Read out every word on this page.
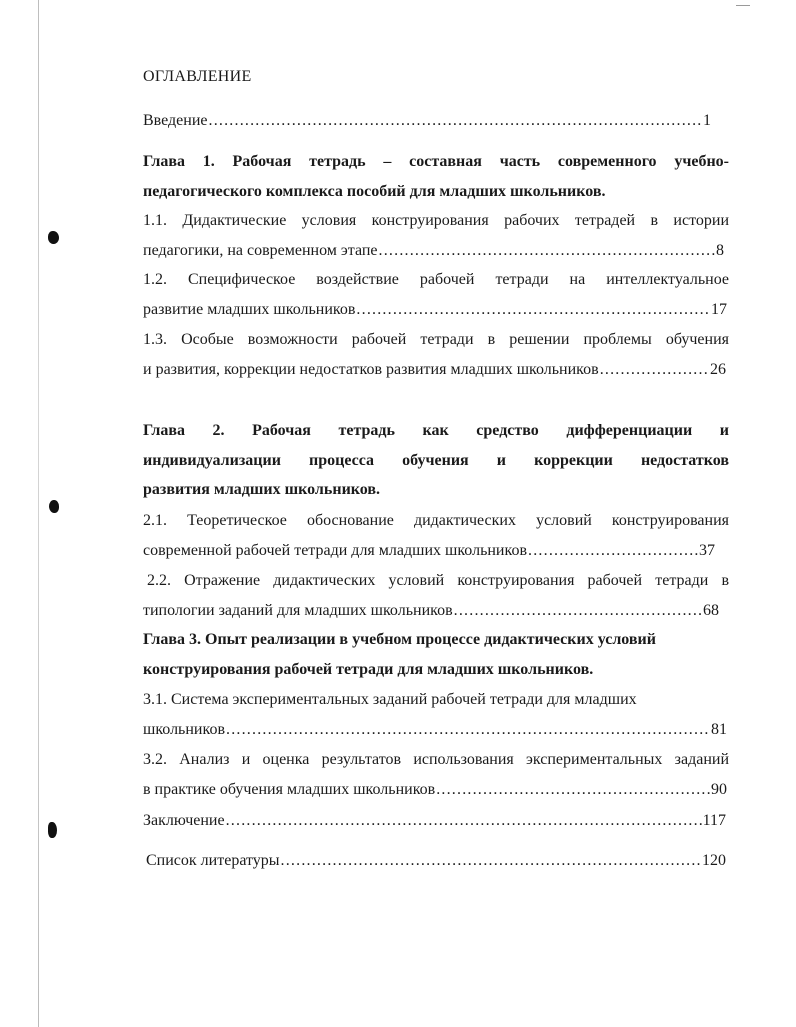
ОГЛАВЛЕНИЕ
Введение .....	1
Глава 1. Рабочая тетрадь – составная часть современного учебно-
педагогического комплекса пособий для младших школьников.
1.1. Дидактические условия конструирования рабочих тетрадей в истории
педагогики, на современном этапе .....	8
1.2. Специфическое воздействие рабочей тетради на интеллектуальное
развитие младших школьников .....	17
1.3. Особые возможности рабочей тетради в решении проблемы обучения
и развития, коррекции недостатков развития младших школьников .....	26
Глава 2. Рабочая тетрадь как средство дифференциации и
индивидуализации процесса обучения и коррекции недостатков
развития младших школьников.
2.1. Теоретическое обоснование дидактических условий конструирования
современной рабочей тетради для младших школьников .....	37
2.2. Отражение дидактических условий конструирования рабочей тетради в
типологии заданий для младших школьников .....	68
Глава 3. Опыт реализации в учебном процессе дидактических условий
конструирования рабочей тетради для младших школьников.
3.1. Система экспериментальных заданий рабочей тетради для младших
школьников .....	81
3.2. Анализ и оценка результатов использования экспериментальных заданий
в практике обучения младших школьников .....	90
Заключение .....	117
Список литературы .....	120
